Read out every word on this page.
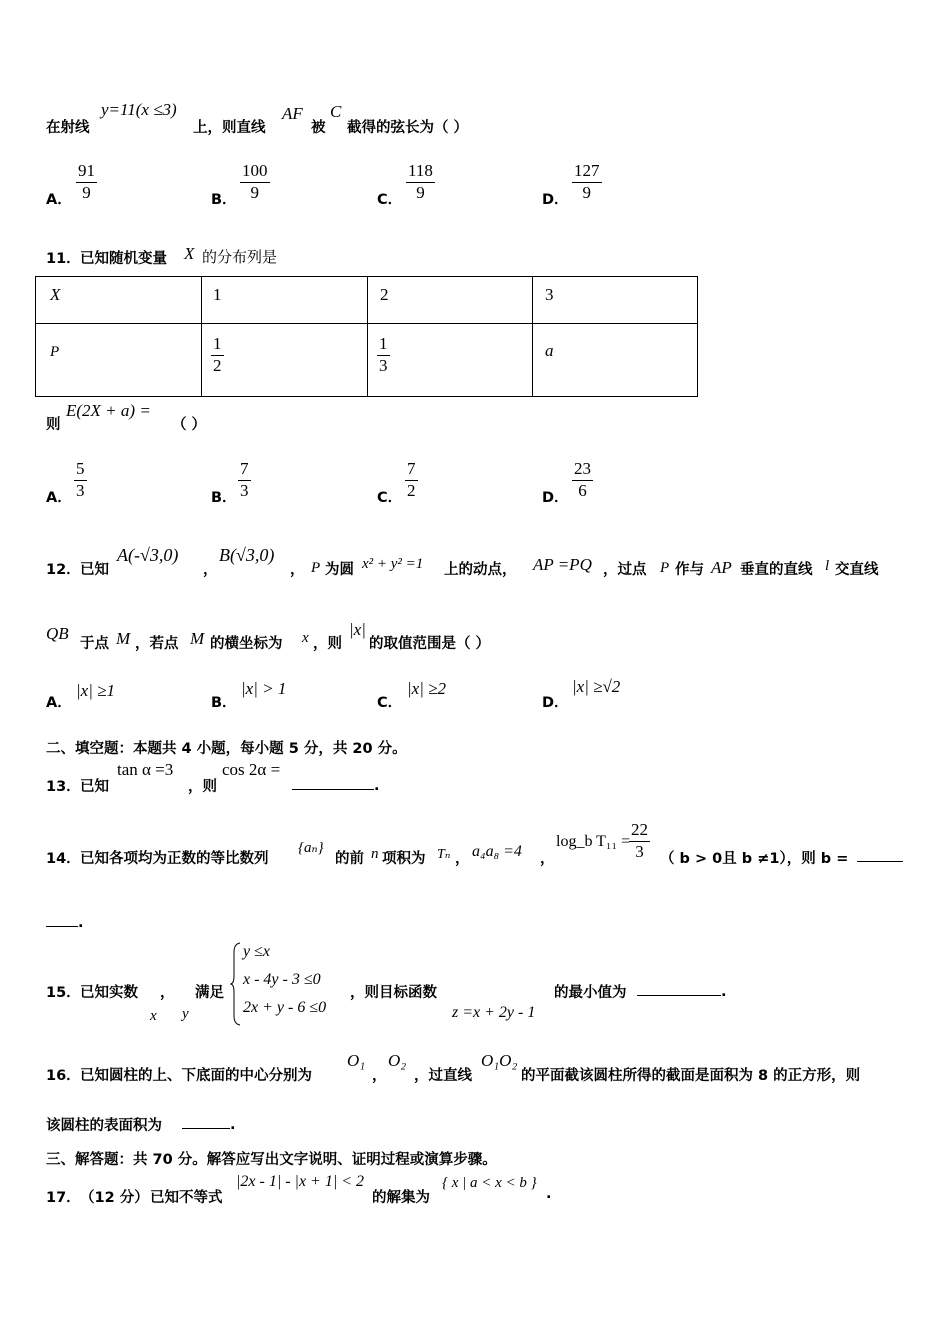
在射线
y=11(x ≤3)
上，则直线
AF
被
C
截得的弦长为（ ）
A． $\frac{91}{9}$	B． $\frac{100}{9}$	C． $\frac{118}{9}$	D． $\frac{127}{9}$
11． 已知随机变量 X 的分布列是
X	1	2	3

P	$\frac{1}{2}$	$\frac{1}{3}$	a
则
E(2X + a) =
（ ）
A． $\frac{5}{3}$	B． $\frac{7}{3}$	C． $\frac{7}{2}$	D． $\frac{23}{6}$
12． 已知
A(-√3,0)
，
B(√3,0)
， P 为圆 x² + y² =1 上的动点， AP =PQ ，过点 P 作与 AP 垂直的直线 l 交直线
QB
于点 M ，若点 M 的横坐标为 x ，则
|x|
的取值范围是（ ）
A．
|x| ≥1
B．
|x| > 1
C．
|x| ≥2
D．
|x| ≥√2
二、填空题：本题共 4 小题，每小题 5 分，共 20 分。
13． 已知
tan α =3
，则
cos 2α =
.
14． 已知各项均为正数的等比数列
{aₙ}
的前 n 项积为 Tₙ ， a₄a₈ =4 ，
log_b T₁₁ =
$\frac{22}{3}$ （ b > 0且 b ≠1），则 b =
.
15． 已知实数 ， 满足
x y
y ≤x
x - 4y - 3 ≤0
2x + y - 6 ≤0
，则目标函数
z =x + 2y - 1
的最小值为	.
16． 已知圆柱的上、下底面的中心分别为
O₁
，
O₂
，过直线
O₁O₂
的平面截该圆柱所得的截面是面积为 8 的正方形，则
该圆柱的表面积为	.
三、解答题：共 70 分。解答应写出文字说明、证明过程或演算步骤。
17． （12 分） 已知不等式
|2x - 1| - |x + 1| < 2
的解集为
{ x | a < x < b }
.
